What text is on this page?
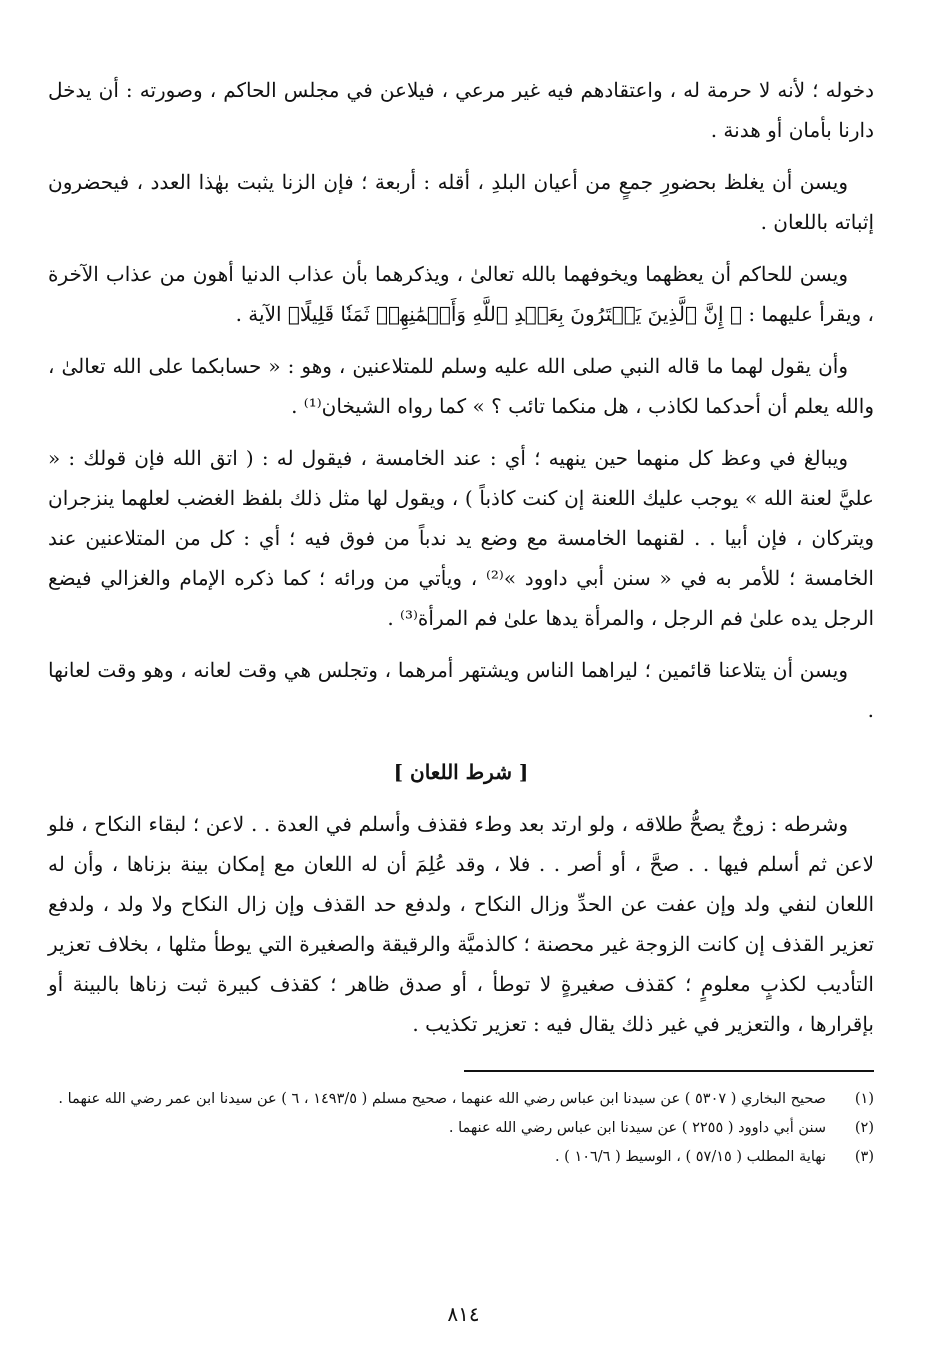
دخوله ؛ لأنه لا حرمة له ، واعتقادهم فيه غير مرعي ، فيلاعن في مجلس الحاكم ، وصورته : أن يدخل دارنا بأمان أو هدنة .

ويسن أن يغلظ بحضورِ جمعٍ من أعيان البلدِ ، أقله : أربعة ؛ فإن الزنا يثبت بهٰذا العدد ، فيحضرون إثباته باللعان .

ويسن للحاكم أن يعظهما ويخوفهما بالله تعالىٰ ، ويذكرهما بأن عذاب الدنيا أهون من عذاب الآخرة ، ويقرأ عليهما : ﴿ إِنَّ ٱلَّذِينَ يَشۡتَرُونَ بِعَهۡدِ ٱللَّهِ وَأَيۡمَٰنِهِمۡ ثَمَنٗا قَلِيلًا﴾ الآية .

وأن يقول لهما ما قاله النبي صلى الله عليه وسلم للمتلاعنين ، وهو : « حسابكما على الله تعالىٰ ، والله يعلم أن أحدكما لكاذب ، هل منكما تائب ؟ » كما رواه الشيخان⁽¹⁾ .

ويبالغ في وعظ كل منهما حين ينهيه ؛ أي : عند الخامسة ، فيقول له : ( اتق الله فإن قولك : « عليَّ لعنة الله » يوجب عليك اللعنة إن كنت كاذباً ) ، ويقول لها مثل ذلك بلفظ الغضب لعلهما ينزجران ويتركان ، فإن أبيا . . لقنهما الخامسة مع وضع يد ندباً من فوق فيه ؛ أي : كل من المتلاعنين عند الخامسة ؛ للأمر به في « سنن أبي داوود »⁽²⁾ ، ويأتي من ورائه ؛ كما ذكره الإمام والغزالي فيضع الرجل يده علىٰ فم الرجل ، والمرأة يدها علىٰ فم المرأة⁽³⁾ .

ويسن أن يتلاعنا قائمين ؛ ليراهما الناس ويشتهر أمرهما ، وتجلس هي وقت لعانه ، وهو وقت لعانها .

[ شرط اللعان ]

وشرطه : زوجٌ يصحُّ طلاقه ، ولو ارتد بعد وطء فقذف وأسلم في العدة . . لاعن ؛ لبقاء النكاح ، فلو لاعن ثم أسلم فيها . . صحَّ ، أو أصر . . فلا ، وقد عُلِمَ أن له اللعان مع إمكان بينة بزناها ، وأن له اللعان لنفي ولد وإن عفت عن الحدِّ وزال النكاح ، ولدفع حد القذف وإن زال النكاح ولا ولد ، ولدفع تعزير القذف إن كانت الزوجة غير محصنة ؛ كالذميَّة والرقيقة والصغيرة التي يوطأ مثلها ، بخلاف تعزير التأديب لكذبٍ معلومٍ ؛ كقذف صغيرةٍ لا توطأ ، أو صدق ظاهر ؛ كقذف كبيرة ثبت زناها بالبينة أو بإقرارها ، والتعزير في غير ذلك يقال فيه : تعزير تكذيب .

(١)
صحيح البخاري ( ٥٣٠٧ ) عن سيدنا ابن عباس رضي الله عنهما ، صحيح مسلم ( ١٤٩٣/٥ ، ٦ ) عن سيدنا ابن عمر رضي الله عنهما .
(٢)
سنن أبي داوود ( ٢٢٥٥ ) عن سيدنا ابن عباس رضي الله عنهما .
(٣)
نهاية المطلب ( ٥٧/١٥ ) ، الوسيط ( ١٠٦/٦ ) .
٨١٤
